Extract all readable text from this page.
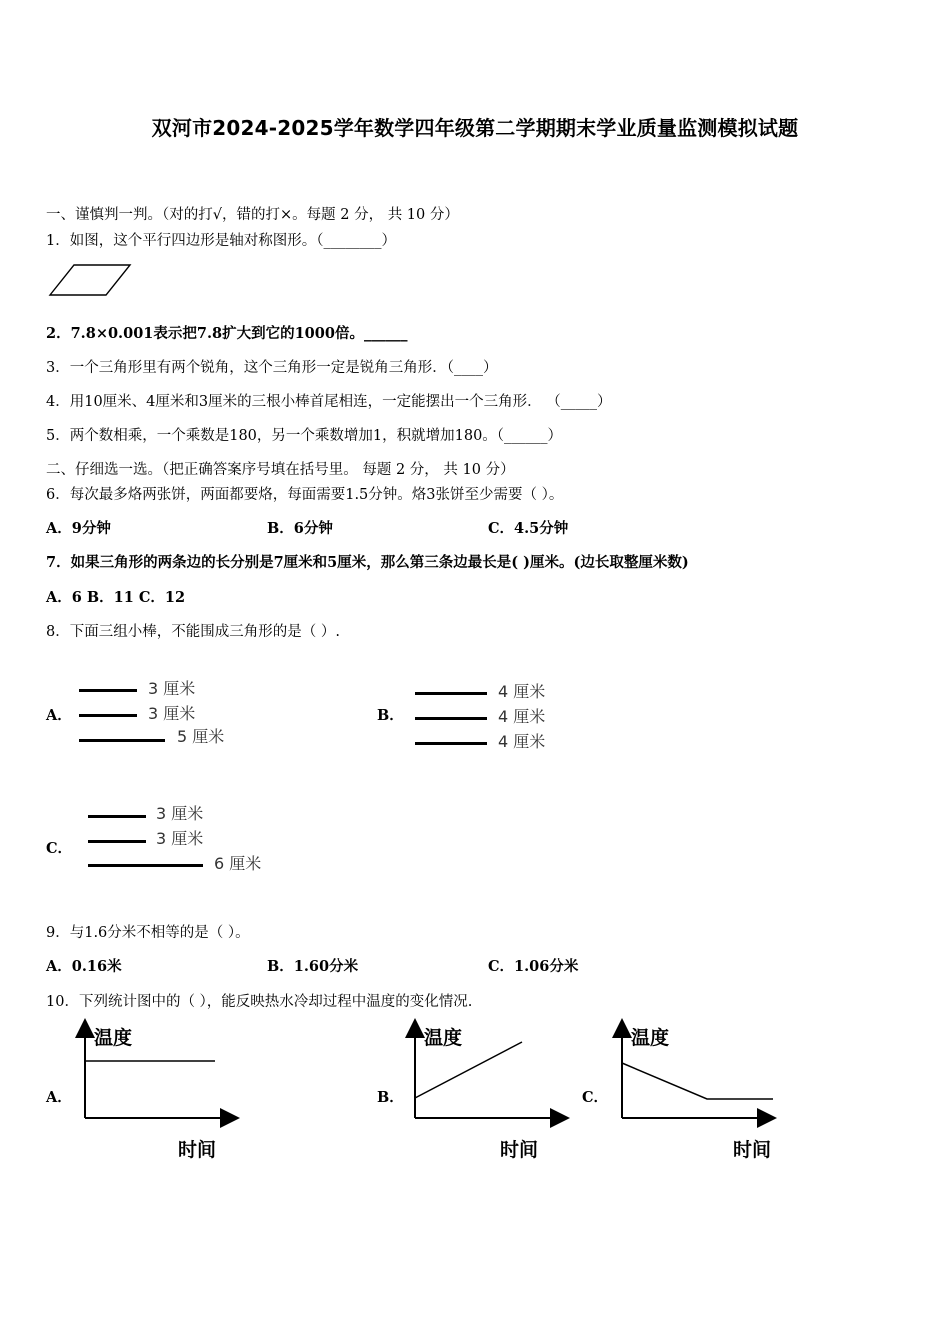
双河市2024-2025学年数学四年级第二学期期末学业质量监测模拟试题
一、谨慎判一判。（对的打√，错的打×。每题 2 分， 共 10 分）
1．如图，这个平行四边形是轴对称图形。（________）
2．7.8×0.001表示把7.8扩大到它的1000倍。______
3．一个三角形里有两个锐角，这个三角形一定是锐角三角形．（____）
4．用10厘米、4厘米和3厘米的三根小棒首尾相连，一定能摆出一个三角形． （_____）
5．两个数相乘，一个乘数是180，另一个乘数增加1，积就增加180。（______）
二、仔细选一选。（把正确答案序号填在括号里。 每题 2 分， 共 10 分）
6．每次最多烙两张饼，两面都要烙，每面需要1.5分钟。烙3张饼至少需要（ ）。
A．9分钟	B．6分钟	C．4.5分钟
7．如果三角形的两条边的长分别是7厘米和5厘米，那么第三条边最长是( )厘米。(边长取整厘米数)
A．6 B．11 C．12
8．下面三组小棒，不能围成三角形的是（ ）.
A．
3 厘米
3 厘米
5 厘米
B．
4 厘米
4 厘米
4 厘米
C．
3 厘米
3 厘米
6 厘米
9．与1.6分米不相等的是（ ）。
A．0.16米	B．1.60分米	C．1.06分米
10．下列统计图中的（ ），能反映热水冷却过程中温度的变化情况.
A．
温度
时间
B．
温度
时间
C．
温度
时间
